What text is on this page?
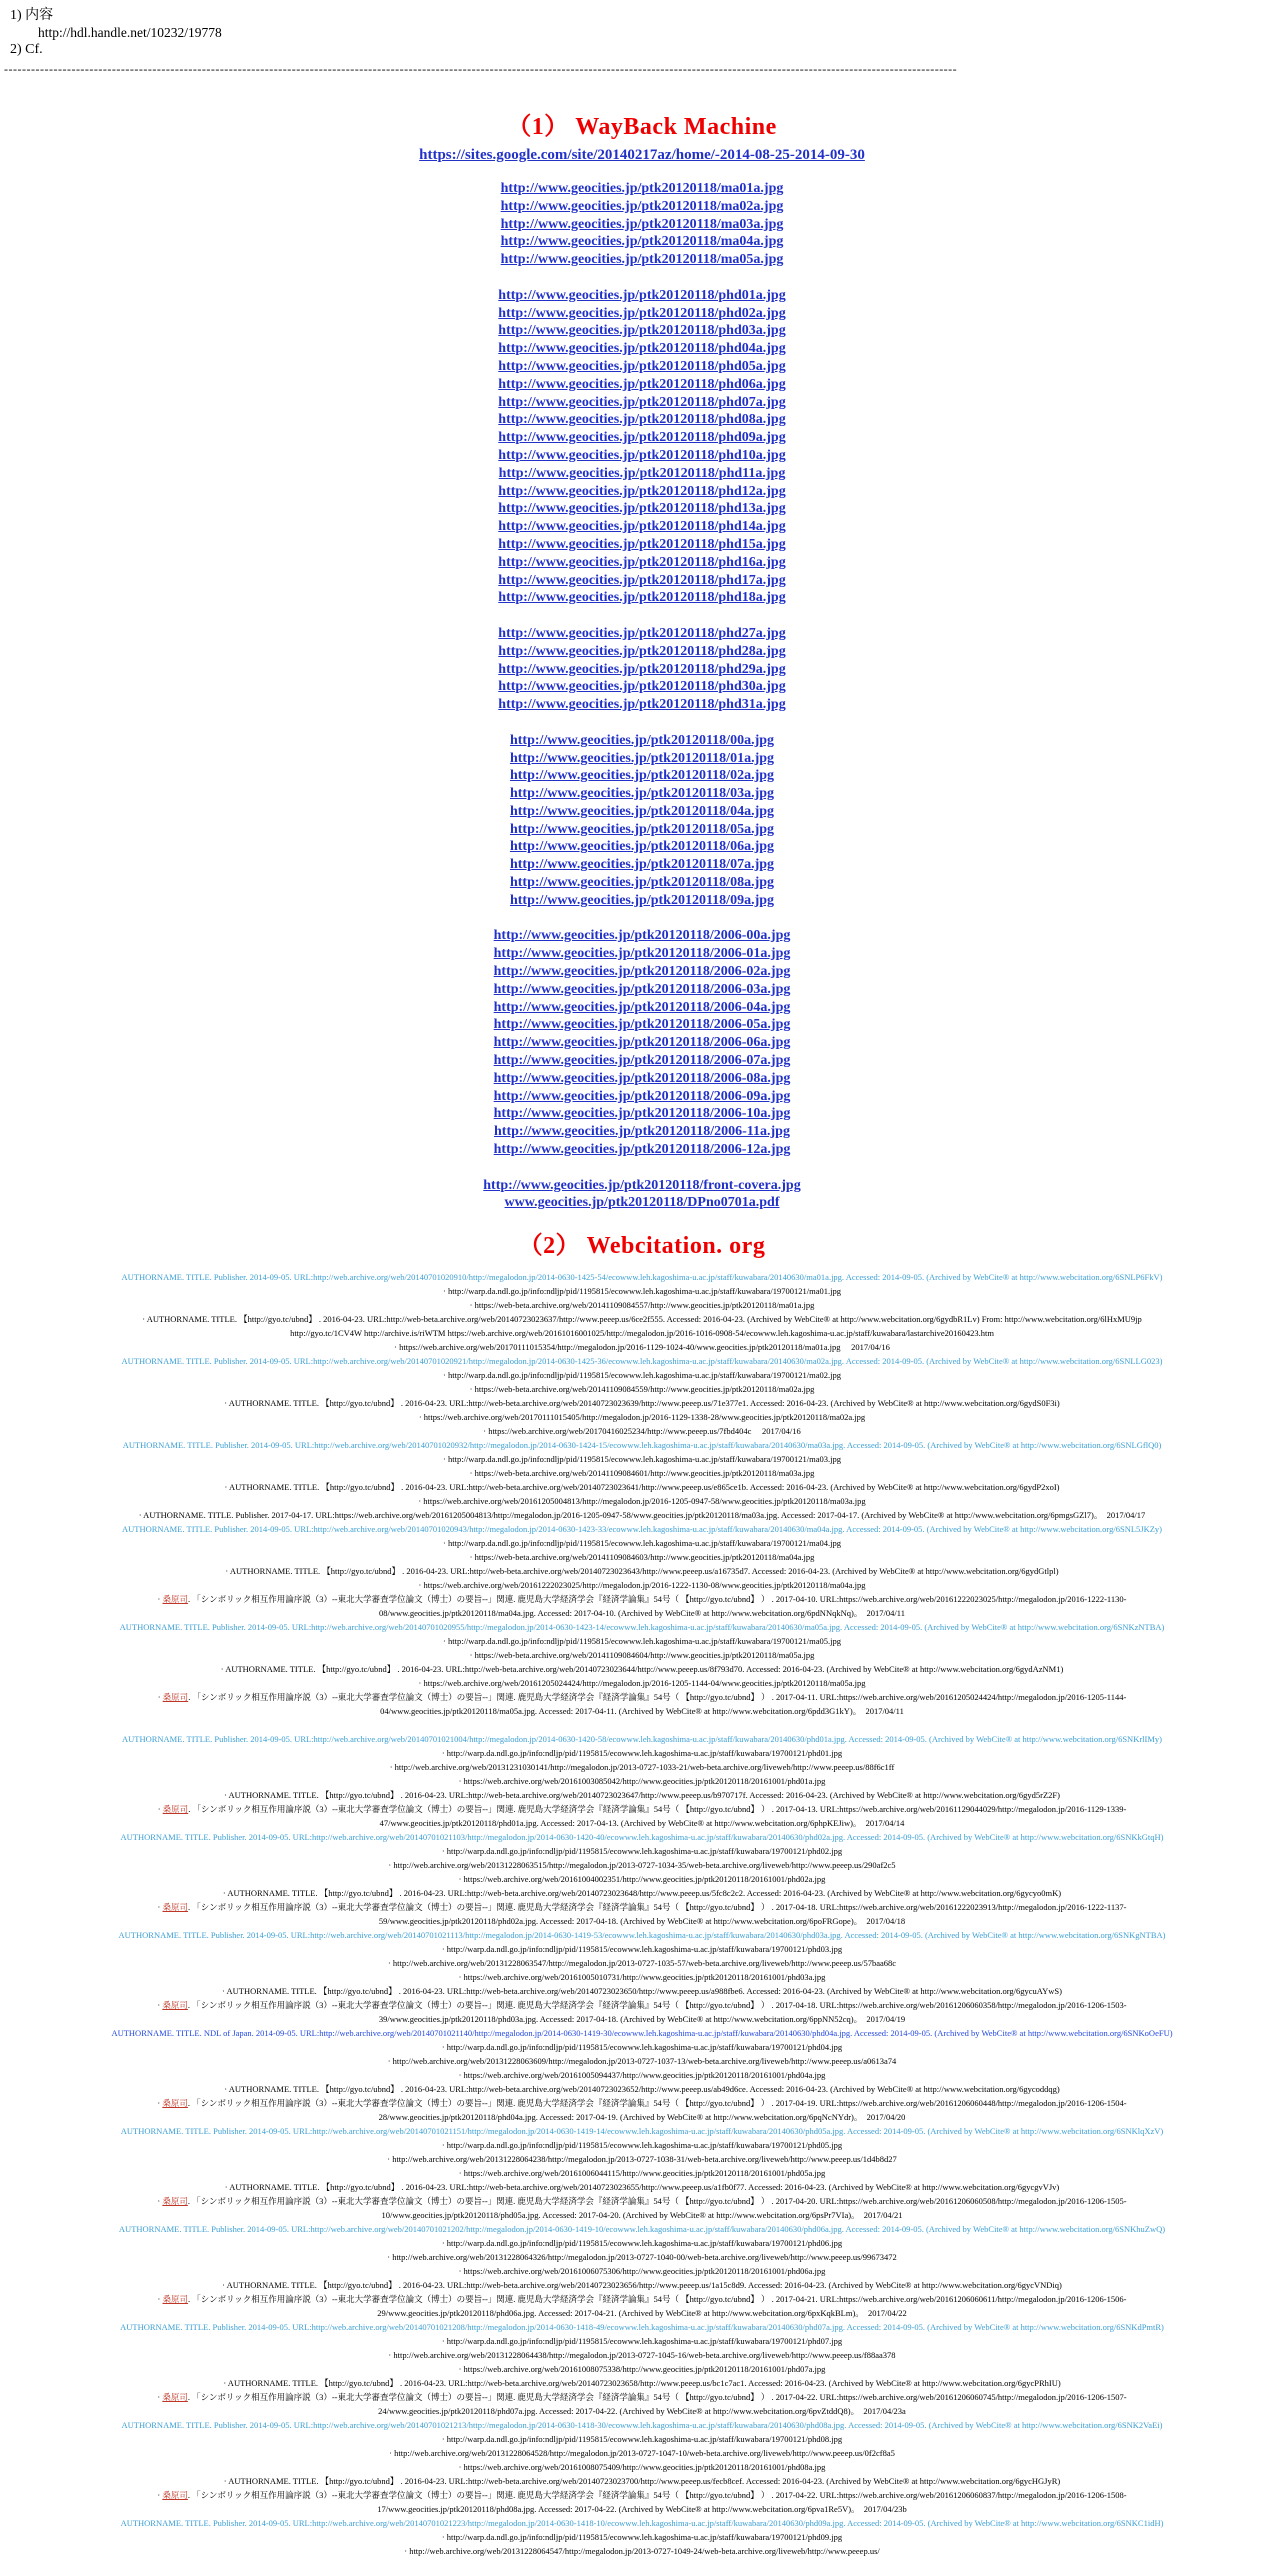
1) 内容
http://hdl.handle.net/10232/19778
2) Cf.
--------------------------------------------------------------------------------------------------------------------------------------------------------------------------------------------------------------------
（1） WayBack Machine
https://sites.google.com/site/20140217az/home/-2014-08-25-2014-09-30
http://www.geocities.jp/ptk20120118/ma01a.jpg
http://www.geocities.jp/ptk20120118/ma02a.jpg
http://www.geocities.jp/ptk20120118/ma03a.jpg
http://www.geocities.jp/ptk20120118/ma04a.jpg
http://www.geocities.jp/ptk20120118/ma05a.jpg
http://www.geocities.jp/ptk20120118/phd01a.jpg
http://www.geocities.jp/ptk20120118/phd02a.jpg
http://www.geocities.jp/ptk20120118/phd03a.jpg
http://www.geocities.jp/ptk20120118/phd04a.jpg
http://www.geocities.jp/ptk20120118/phd05a.jpg
http://www.geocities.jp/ptk20120118/phd06a.jpg
http://www.geocities.jp/ptk20120118/phd07a.jpg
http://www.geocities.jp/ptk20120118/phd08a.jpg
http://www.geocities.jp/ptk20120118/phd09a.jpg
http://www.geocities.jp/ptk20120118/phd10a.jpg
http://www.geocities.jp/ptk20120118/phd11a.jpg
http://www.geocities.jp/ptk20120118/phd12a.jpg
http://www.geocities.jp/ptk20120118/phd13a.jpg
http://www.geocities.jp/ptk20120118/phd14a.jpg
http://www.geocities.jp/ptk20120118/phd15a.jpg
http://www.geocities.jp/ptk20120118/phd16a.jpg
http://www.geocities.jp/ptk20120118/phd17a.jpg
http://www.geocities.jp/ptk20120118/phd18a.jpg
http://www.geocities.jp/ptk20120118/phd27a.jpg
http://www.geocities.jp/ptk20120118/phd28a.jpg
http://www.geocities.jp/ptk20120118/phd29a.jpg
http://www.geocities.jp/ptk20120118/phd30a.jpg
http://www.geocities.jp/ptk20120118/phd31a.jpg
http://www.geocities.jp/ptk20120118/00a.jpg
http://www.geocities.jp/ptk20120118/01a.jpg
http://www.geocities.jp/ptk20120118/02a.jpg
http://www.geocities.jp/ptk20120118/03a.jpg
http://www.geocities.jp/ptk20120118/04a.jpg
http://www.geocities.jp/ptk20120118/05a.jpg
http://www.geocities.jp/ptk20120118/06a.jpg
http://www.geocities.jp/ptk20120118/07a.jpg
http://www.geocities.jp/ptk20120118/08a.jpg
http://www.geocities.jp/ptk20120118/09a.jpg
http://www.geocities.jp/ptk20120118/2006-00a.jpg
http://www.geocities.jp/ptk20120118/2006-01a.jpg
http://www.geocities.jp/ptk20120118/2006-02a.jpg
http://www.geocities.jp/ptk20120118/2006-03a.jpg
http://www.geocities.jp/ptk20120118/2006-04a.jpg
http://www.geocities.jp/ptk20120118/2006-05a.jpg
http://www.geocities.jp/ptk20120118/2006-06a.jpg
http://www.geocities.jp/ptk20120118/2006-07a.jpg
http://www.geocities.jp/ptk20120118/2006-08a.jpg
http://www.geocities.jp/ptk20120118/2006-09a.jpg
http://www.geocities.jp/ptk20120118/2006-10a.jpg
http://www.geocities.jp/ptk20120118/2006-11a.jpg
http://www.geocities.jp/ptk20120118/2006-12a.jpg
http://www.geocities.jp/ptk20120118/front-covera.jpg
www.geocities.jp/ptk20120118/DPno0701a.pdf
（2） Webcitation. org
AUTHORNAME. TITLE. Publisher. 2014-09-05. URL:http://web.archive.org/web/20140701020910/http://megalodon.jp/2014-0630-1425-54/ecowww.leh.kagoshima-u.ac.jp/staff/kuwabara/20140630/ma01a.jpg. Accessed: 2014-09-05. (Archived by WebCite® at http://www.webcitation.org/6SNLP6FkV)
· http://warp.da.ndl.go.jp/info:ndljp/pid/1195815/ecowww.leh.kagoshima-u.ac.jp/staff/kuwabara/19700121/ma01.jpg
· https://web-beta.archive.org/web/20141109084557/http://www.geocities.jp/ptk20120118/ma01a.jpg
· AUTHORNAME. TITLE. 【http://gyo.tc/ubnd】 . 2016-04-23. URL:http://web-beta.archive.org/web/20140723023637/http://www.peeep.us/6ce2f555. Accessed: 2016-04-23. (Archived by WebCite® at http://www.webcitation.org/6gydbR1Lv) From: http://www.webcitation.org/6lHxMU9jp
http://gyo.tc/1CV4W http://archive.is/riWTM https://web.archive.org/web/20161016001025/http://megalodon.jp/2016-1016-0908-54/ecowww.leh.kagoshima-u.ac.jp/staff/kuwabara/lastarchive20160423.htm
· https://web.archive.org/web/20170111015354/http://megalodon.jp/2016-1129-1024-40/www.geocities.jp/ptk20120118/ma01a.jpg　 2017/04/16
AUTHORNAME. TITLE. Publisher. 2014-09-05. URL:http://web.archive.org/web/20140701020921/http://megalodon.jp/2014-0630-1425-36/ecowww.leh.kagoshima-u.ac.jp/staff/kuwabara/20140630/ma02a.jpg. Accessed: 2014-09-05. (Archived by WebCite® at http://www.webcitation.org/6SNLLG023)
· http://warp.da.ndl.go.jp/info:ndljp/pid/1195815/ecowww.leh.kagoshima-u.ac.jp/staff/kuwabara/19700121/ma02.jpg
· https://web-beta.archive.org/web/20141109084559/http://www.geocities.jp/ptk20120118/ma02a.jpg
· AUTHORNAME. TITLE. 【http://gyo.tc/ubnd】 . 2016-04-23. URL:http://web-beta.archive.org/web/20140723023639/http://www.peeep.us/71e377e1. Accessed: 2016-04-23. (Archived by WebCite® at http://www.webcitation.org/6gydS0F3i)
· https://web.archive.org/web/20170111015405/http://megalodon.jp/2016-1129-1338-28/www.geocities.jp/ptk20120118/ma02a.jpg
· https://web.archive.org/web/20170416025234/http://www.peeep.us/7fbd404c　 2017/04/16
AUTHORNAME. TITLE. Publisher. 2014-09-05. URL:http://web.archive.org/web/20140701020932/http://megalodon.jp/2014-0630-1424-15/ecowww.leh.kagoshima-u.ac.jp/staff/kuwabara/20140630/ma03a.jpg. Accessed: 2014-09-05. (Archived by WebCite® at http://www.webcitation.org/6SNLGflQ0)
· http://warp.da.ndl.go.jp/info:ndljp/pid/1195815/ecowww.leh.kagoshima-u.ac.jp/staff/kuwabara/19700121/ma03.jpg
· https://web-beta.archive.org/web/20141109084601/http://www.geocities.jp/ptk20120118/ma03a.jpg
· AUTHORNAME. TITLE. 【http://gyo.tc/ubnd】 . 2016-04-23. URL:http://web-beta.archive.org/web/20140723023641/http://www.peeep.us/e865ce1b. Accessed: 2016-04-23. (Archived by WebCite® at http://www.webcitation.org/6gydP2xoI)
· https://web.archive.org/web/20161205004813/http://megalodon.jp/2016-1205-0947-58/www.geocities.jp/ptk20120118/ma03a.jpg
· AUTHORNAME. TITLE. Publisher. 2017-04-17. URL:https://web.archive.org/web/20161205004813/http://megalodon.jp/2016-1205-0947-58/www.geocities.jp/ptk20120118/ma03a.jpg. Accessed: 2017-04-17. (Archived by WebCite® at http://www.webcitation.org/6pmgsGZl7)。　2017/04/17
AUTHORNAME. TITLE. Publisher. 2014-09-05. URL:http://web.archive.org/web/20140701020943/http://megalodon.jp/2014-0630-1423-33/ecowww.leh.kagoshima-u.ac.jp/staff/kuwabara/20140630/ma04a.jpg. Accessed: 2014-09-05. (Archived by WebCite® at http://www.webcitation.org/6SNL5JKZy)
· http://warp.da.ndl.go.jp/info:ndljp/pid/1195815/ecowww.leh.kagoshima-u.ac.jp/staff/kuwabara/19700121/ma04.jpg
· https://web-beta.archive.org/web/20141109084603/http://www.geocities.jp/ptk20120118/ma04a.jpg
· AUTHORNAME. TITLE. 【http://gyo.tc/ubnd】 . 2016-04-23. URL:http://web-beta.archive.org/web/20140723023643/http://www.peeep.us/a16735d7. Accessed: 2016-04-23. (Archived by WebCite® at http://www.webcitation.org/6gydGtlpl)
· https://web.archive.org/web/20161222023025/http://megalodon.jp/2016-1222-1130-08/www.geocities.jp/ptk20120118/ma04a.jpg
· 桑原司. 「シンボリック相互作用論序説（3）--東北大学審査学位論文（博士）の要旨--」関連. 鹿児島大学経済学会『経済学論集』54号（ 【http://gyo.tc/ubnd】 ） . 2017-04-10. URL:https://web.archive.org/web/20161222023025/http://megalodon.jp/2016-1222-1130-
08/www.geocities.jp/ptk20120118/ma04a.jpg. Accessed: 2017-04-10. (Archived by WebCite® at http://www.webcitation.org/6pdNNqkNq)。　2017/04/11
AUTHORNAME. TITLE. Publisher. 2014-09-05. URL:http://web.archive.org/web/20140701020955/http://megalodon.jp/2014-0630-1423-14/ecowww.leh.kagoshima-u.ac.jp/staff/kuwabara/20140630/ma05a.jpg. Accessed: 2014-09-05. (Archived by WebCite® at http://www.webcitation.org/6SNKzNTBA)
· http://warp.da.ndl.go.jp/info:ndljp/pid/1195815/ecowww.leh.kagoshima-u.ac.jp/staff/kuwabara/19700121/ma05.jpg
· https://web-beta.archive.org/web/20141109084604/http://www.geocities.jp/ptk20120118/ma05a.jpg
· AUTHORNAME. TITLE. 【http://gyo.tc/ubnd】 . 2016-04-23. URL:http://web-beta.archive.org/web/20140723023644/http://www.peeep.us/8f793d70. Accessed: 2016-04-23. (Archived by WebCite® at http://www.webcitation.org/6gydAzNM1)
· https://web.archive.org/web/20161205024424/http://megalodon.jp/2016-1205-1144-04/www.geocities.jp/ptk20120118/ma05a.jpg
· 桑原司. 「シンボリック相互作用論序説（3）--東北大学審査学位論文（博士）の要旨--」関連. 鹿児島大学経済学会『経済学論集』54号（ 【http://gyo.tc/ubnd】 ） . 2017-04-11. URL:https://web.archive.org/web/20161205024424/http://megalodon.jp/2016-1205-1144-
04/www.geocities.jp/ptk20120118/ma05a.jpg. Accessed: 2017-04-11. (Archived by WebCite® at http://www.webcitation.org/6pdd3G1kY)。　2017/04/11
AUTHORNAME. TITLE. Publisher. 2014-09-05. URL:http://web.archive.org/web/20140701021004/http://megalodon.jp/2014-0630-1420-58/ecowww.leh.kagoshima-u.ac.jp/staff/kuwabara/20140630/phd01a.jpg. Accessed: 2014-09-05. (Archived by WebCite® at http://www.webcitation.org/6SNKrlIMy)
· http://warp.da.ndl.go.jp/info:ndljp/pid/1195815/ecowww.leh.kagoshima-u.ac.jp/staff/kuwabara/19700121/phd01.jpg
· http://web.archive.org/web/20131231030141/http://megalodon.jp/2013-0727-1033-21/web-beta.archive.org/liveweb/http://www.peeep.us/88f6c1ff
· https://web.archive.org/web/20161003085042/http://www.geocities.jp/ptk20120118/20161001/phd01a.jpg
· AUTHORNAME. TITLE. 【http://gyo.tc/ubnd】 . 2016-04-23. URL:http://web-beta.archive.org/web/20140723023647/http://www.peeep.us/b970717f. Accessed: 2016-04-23. (Archived by WebCite® at http://www.webcitation.org/6gyd5rZ2F)
· 桑原司. 「シンボリック相互作用論序説（3）--東北大学審査学位論文（博士）の要旨--」関連. 鹿児島大学経済学会『経済学論集』54号（ 【http://gyo.tc/ubnd】 ） . 2017-04-13. URL:https://web.archive.org/web/20161129044029/http://megalodon.jp/2016-1129-1339-
47/www.geocities.jp/ptk20120118/phd01a.jpg. Accessed: 2017-04-13. (Archived by WebCite® at http://www.webcitation.org/6phpKEJiw)。　2017/04/14
AUTHORNAME. TITLE. Publisher. 2014-09-05. URL:http://web.archive.org/web/20140701021103/http://megalodon.jp/2014-0630-1420-40/ecowww.leh.kagoshima-u.ac.jp/staff/kuwabara/20140630/phd02a.jpg. Accessed: 2014-09-05. (Archived by WebCite® at http://www.webcitation.org/6SNKkGtqH)
· http://warp.da.ndl.go.jp/info:ndljp/pid/1195815/ecowww.leh.kagoshima-u.ac.jp/staff/kuwabara/19700121/phd02.jpg
· http://web.archive.org/web/20131228063515/http://megalodon.jp/2013-0727-1034-35/web-beta.archive.org/liveweb/http://www.peeep.us/290af2c5
· https://web.archive.org/web/20161004002351/http://www.geocities.jp/ptk20120118/20161001/phd02a.jpg
· AUTHORNAME. TITLE. 【http://gyo.tc/ubnd】 . 2016-04-23. URL:http://web-beta.archive.org/web/20140723023648/http://www.peeep.us/5fc8c2c2. Accessed: 2016-04-23. (Archived by WebCite® at http://www.webcitation.org/6gycyo0mK)
· 桑原司. 「シンボリック相互作用論序説（3）--東北大学審査学位論文（博士）の要旨--」関連. 鹿児島大学経済学会『経済学論集』54号（ 【http://gyo.tc/ubnd】 ） . 2017-04-18. URL:https://web.archive.org/web/20161222023913/http://megalodon.jp/2016-1222-1137-
59/www.geocities.jp/ptk20120118/phd02a.jpg. Accessed: 2017-04-18. (Archived by WebCite® at http://www.webcitation.org/6poFRGope)。　2017/04/18
AUTHORNAME. TITLE. Publisher. 2014-09-05. URL:http://web.archive.org/web/20140701021113/http://megalodon.jp/2014-0630-1419-53/ecowww.leh.kagoshima-u.ac.jp/staff/kuwabara/20140630/phd03a.jpg. Accessed: 2014-09-05. (Archived by WebCite® at http://www.webcitation.org/6SNKgNTBA)
· http://warp.da.ndl.go.jp/info:ndljp/pid/1195815/ecowww.leh.kagoshima-u.ac.jp/staff/kuwabara/19700121/phd03.jpg
· http://web.archive.org/web/20131228063547/http://megalodon.jp/2013-0727-1035-57/web-beta.archive.org/liveweb/http://www.peeep.us/57baa68c
· https://web.archive.org/web/20161005010731/http://www.geocities.jp/ptk20120118/20161001/phd03a.jpg
· AUTHORNAME. TITLE. 【http://gyo.tc/ubnd】 . 2016-04-23. URL:http://web-beta.archive.org/web/20140723023650/http://www.peeep.us/a988fbe6. Accessed: 2016-04-23. (Archived by WebCite® at http://www.webcitation.org/6gycuAYwS)
· 桑原司. 「シンボリック相互作用論序説（3）--東北大学審査学位論文（博士）の要旨--」関連. 鹿児島大学経済学会『経済学論集』54号（ 【http://gyo.tc/ubnd】 ） . 2017-04-18. URL:https://web.archive.org/web/20161206060358/http://megalodon.jp/2016-1206-1503-
39/www.geocities.jp/ptk20120118/phd03a.jpg. Accessed: 2017-04-18. (Archived by WebCite® at http://www.webcitation.org/6ppNN52cq)。　2017/04/19
AUTHORNAME. TITLE. NDL of Japan. 2014-09-05. URL:http://web.archive.org/web/20140701021140/http://megalodon.jp/2014-0630-1419-30/ecowww.leh.kagoshima-u.ac.jp/staff/kuwabara/20140630/phd04a.jpg. Accessed: 2014-09-05. (Archived by WebCite® at http://www.webcitation.org/6SNKoOeFU)
· http://warp.da.ndl.go.jp/info:ndljp/pid/1195815/ecowww.leh.kagoshima-u.ac.jp/staff/kuwabara/19700121/phd04.jpg
· http://web.archive.org/web/20131228063609/http://megalodon.jp/2013-0727-1037-13/web-beta.archive.org/liveweb/http://www.peeep.us/a0613a74
· https://web.archive.org/web/20161005094437/http://www.geocities.jp/ptk20120118/20161001/phd04a.jpg
· AUTHORNAME. TITLE. 【http://gyo.tc/ubnd】 . 2016-04-23. URL:http://web-beta.archive.org/web/20140723023652/http://www.peeep.us/ab49d6ce. Accessed: 2016-04-23. (Archived by WebCite® at http://www.webcitation.org/6gycoddqg)
· 桑原司. 「シンボリック相互作用論序説（3）--東北大学審査学位論文（博士）の要旨--」関連. 鹿児島大学経済学会『経済学論集』54号（ 【http://gyo.tc/ubnd】 ） . 2017-04-19. URL:https://web.archive.org/web/20161206060448/http://megalodon.jp/2016-1206-1504-
28/www.geocities.jp/ptk20120118/phd04a.jpg. Accessed: 2017-04-19. (Archived by WebCite® at http://www.webcitation.org/6pqNcNYdr)。　2017/04/20
AUTHORNAME. TITLE. Publisher. 2014-09-05. URL:http://web.archive.org/web/20140701021151/http://megalodon.jp/2014-0630-1419-14/ecowww.leh.kagoshima-u.ac.jp/staff/kuwabara/20140630/phd05a.jpg. Accessed: 2014-09-05. (Archived by WebCite® at http://www.webcitation.org/6SNKlqXzV)
· http://warp.da.ndl.go.jp/info:ndljp/pid/1195815/ecowww.leh.kagoshima-u.ac.jp/staff/kuwabara/19700121/phd05.jpg
· http://web.archive.org/web/20131228064238/http://megalodon.jp/2013-0727-1038-31/web-beta.archive.org/liveweb/http://www.peeep.us/1d4b8d27
· https://web.archive.org/web/20161006044115/http://www.geocities.jp/ptk20120118/20161001/phd05a.jpg
· AUTHORNAME. TITLE. 【http://gyo.tc/ubnd】 . 2016-04-23. URL:http://web-beta.archive.org/web/20140723023655/http://www.peeep.us/a1fb0f77. Accessed: 2016-04-23. (Archived by WebCite® at http://www.webcitation.org/6gycgvVJv)
· 桑原司. 「シンボリック相互作用論序説（3）--東北大学審査学位論文（博士）の要旨--」関連. 鹿児島大学経済学会『経済学論集』54号（ 【http://gyo.tc/ubnd】 ） . 2017-04-20. URL:https://web.archive.org/web/20161206060508/http://megalodon.jp/2016-1206-1505-
10/www.geocities.jp/ptk20120118/phd05a.jpg. Accessed: 2017-04-20. (Archived by WebCite® at http://www.webcitation.org/6psPr7VIa)。　2017/04/21
AUTHORNAME. TITLE. Publisher. 2014-09-05. URL:http://web.archive.org/web/20140701021202/http://megalodon.jp/2014-0630-1419-10/ecowww.leh.kagoshima-u.ac.jp/staff/kuwabara/20140630/phd06a.jpg. Accessed: 2014-09-05. (Archived by WebCite® at http://www.webcitation.org/6SNKhuZwQ)
· http://warp.da.ndl.go.jp/info:ndljp/pid/1195815/ecowww.leh.kagoshima-u.ac.jp/staff/kuwabara/19700121/phd06.jpg
· http://web.archive.org/web/20131228064326/http://megalodon.jp/2013-0727-1040-00/web-beta.archive.org/liveweb/http://www.peeep.us/99673472
· https://web.archive.org/web/20161006075306/http://www.geocities.jp/ptk20120118/20161001/phd06a.jpg
· AUTHORNAME. TITLE. 【http://gyo.tc/ubnd】 . 2016-04-23. URL:http://web-beta.archive.org/web/20140723023656/http://www.peeep.us/1a15c8d9. Accessed: 2016-04-23. (Archived by WebCite® at http://www.webcitation.org/6gycVNDiq)
· 桑原司. 「シンボリック相互作用論序説（3）--東北大学審査学位論文（博士）の要旨--」関連. 鹿児島大学経済学会『経済学論集』54号（ 【http://gyo.tc/ubnd】 ） . 2017-04-21. URL:https://web.archive.org/web/20161206060611/http://megalodon.jp/2016-1206-1506-
29/www.geocities.jp/ptk20120118/phd06a.jpg. Accessed: 2017-04-21. (Archived by WebCite® at http://www.webcitation.org/6pxKqkBLm)。　2017/04/22
AUTHORNAME. TITLE. Publisher. 2014-09-05. URL:http://web.archive.org/web/20140701021208/http://megalodon.jp/2014-0630-1418-49/ecowww.leh.kagoshima-u.ac.jp/staff/kuwabara/20140630/phd07a.jpg. Accessed: 2014-09-05. (Archived by WebCite® at http://www.webcitation.org/6SNKdPmtR)
· http://warp.da.ndl.go.jp/info:ndljp/pid/1195815/ecowww.leh.kagoshima-u.ac.jp/staff/kuwabara/19700121/phd07.jpg
· http://web.archive.org/web/20131228064438/http://megalodon.jp/2013-0727-1045-16/web-beta.archive.org/liveweb/http://www.peeep.us/f88aa378
· https://web.archive.org/web/20161008075338/http://www.geocities.jp/ptk20120118/20161001/phd07a.jpg
· AUTHORNAME. TITLE. 【http://gyo.tc/ubnd】 . 2016-04-23. URL:http://web-beta.archive.org/web/20140723023658/http://www.peeep.us/bc1c7ac1. Accessed: 2016-04-23. (Archived by WebCite® at http://www.webcitation.org/6gycPRhIU)
· 桑原司. 「シンボリック相互作用論序説（3）--東北大学審査学位論文（博士）の要旨--」関連. 鹿児島大学経済学会『経済学論集』54号（ 【http://gyo.tc/ubnd】 ） . 2017-04-22. URL:https://web.archive.org/web/20161206060745/http://megalodon.jp/2016-1206-1507-
24/www.geocities.jp/ptk20120118/phd07a.jpg. Accessed: 2017-04-22. (Archived by WebCite® at http://www.webcitation.org/6pvZtddQ8)。　2017/04/23a
AUTHORNAME. TITLE. Publisher. 2014-09-05. URL:http://web.archive.org/web/20140701021213/http://megalodon.jp/2014-0630-1418-30/ecowww.leh.kagoshima-u.ac.jp/staff/kuwabara/20140630/phd08a.jpg. Accessed: 2014-09-05. (Archived by WebCite® at http://www.webcitation.org/6SNK2VaEi)
· http://warp.da.ndl.go.jp/info:ndljp/pid/1195815/ecowww.leh.kagoshima-u.ac.jp/staff/kuwabara/19700121/phd08.jpg
· http://web.archive.org/web/20131228064528/http://megalodon.jp/2013-0727-1047-10/web-beta.archive.org/liveweb/http://www.peeep.us/0f2cf8a5
· https://web.archive.org/web/20161008075409/http://www.geocities.jp/ptk20120118/20161001/phd08a.jpg
· AUTHORNAME. TITLE. 【http://gyo.tc/ubnd】 . 2016-04-23. URL:http://web-beta.archive.org/web/20140723023700/http://www.peeep.us/fecb8cef. Accessed: 2016-04-23. (Archived by WebCite® at http://www.webcitation.org/6gycHGJyR)
· 桑原司. 「シンボリック相互作用論序説（3）--東北大学審査学位論文（博士）の要旨--」関連. 鹿児島大学経済学会『経済学論集』54号（ 【http://gyo.tc/ubnd】 ） . 2017-04-22. URL:https://web.archive.org/web/20161206060837/http://megalodon.jp/2016-1206-1508-
17/www.geocities.jp/ptk20120118/phd08a.jpg. Accessed: 2017-04-22. (Archived by WebCite® at http://www.webcitation.org/6pva1Re5V)。　2017/04/23b
AUTHORNAME. TITLE. Publisher. 2014-09-05. URL:http://web.archive.org/web/20140701021223/http://megalodon.jp/2014-0630-1418-10/ecowww.leh.kagoshima-u.ac.jp/staff/kuwabara/20140630/phd09a.jpg. Accessed: 2014-09-05. (Archived by WebCite® at http://www.webcitation.org/6SNKC1idH)
· http://warp.da.ndl.go.jp/info:ndljp/pid/1195815/ecowww.leh.kagoshima-u.ac.jp/staff/kuwabara/19700121/phd09.jpg
· http://web.archive.org/web/20131228064547/http://megalodon.jp/2013-0727-1049-24/web-beta.archive.org/liveweb/http://www.peeep.us/
